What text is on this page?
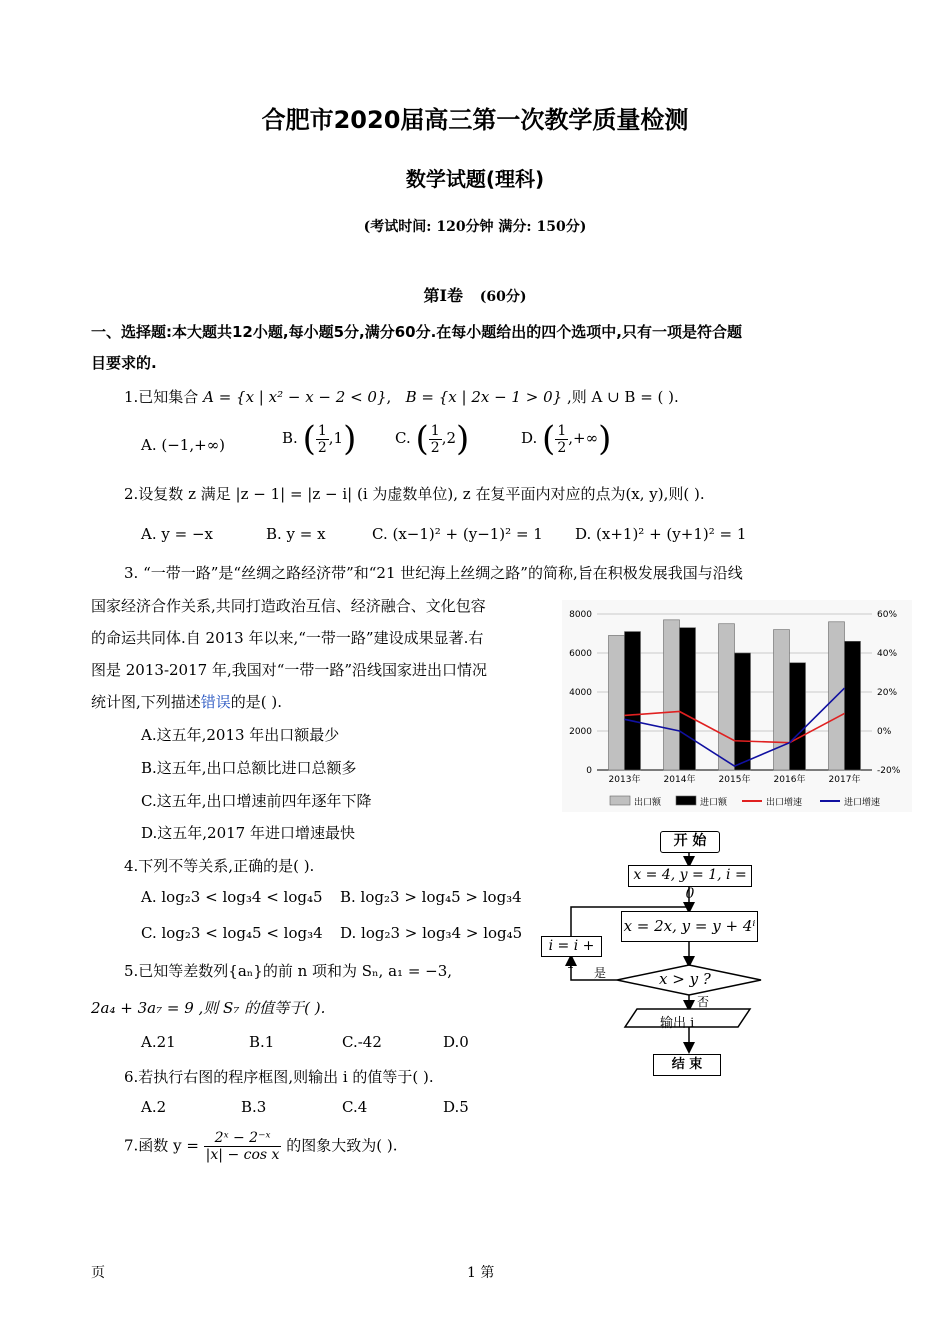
合肥市2020届高三第一次教学质量检测
数学试题(理科)
(考试时间: 120分钟 满分: 150分)
第Ⅰ卷 (60分)
一、选择题:本大题共12小题,每小题5分,满分60分.在每小题给出的四个选项中,只有一项是符合题
目要求的.
1.已知集合 A = {x | x² − x − 2 < 0}, B = {x | 2x − 1 > 0} ,则 A ∪ B = ( ).
A. (−1,+∞)	B. ( $\frac{1}{2} ,1$)	C. ( $\frac{1}{2} ,2$)	D. ( $\frac{1}{2}$ ,+∞)
2.设复数 z 满足 |z − 1| = |z − i| (i 为虚数单位), z 在复平面内对应的点为(x, y),则( ).
A. y = −x	B. y = x	C. (x−1)² + (y−1)² = 1 D. (x+1)² + (y+1)² = 1
3. “一带一路”是“丝绸之路经济带”和“21 世纪海上丝绸之路”的简称,旨在积极发展我国与沿线
国家经济合作关系,共同打造政治互信、经济融合、文化包容
的命运共同体.自 2013 年以来,“一带一路”建设成果显著.右
图是 2013-2017 年,我国对“一带一路”沿线国家进出口情况
统计图,下列描述错误的是( ).
A.这五年,2013 年出口额最少
B.这五年,出口总额比进口总额多
C.这五年,出口增速前四年逐年下降
D.这五年,2017 年进口增速最快
0
2000
4000
6000
8000
-20%
0%
20%
40%
60%
2013年	2014年	2015年	2016年	2017年
出口额	进口额	出口增速	进口增速
4.下列不等关系,正确的是( ).
A. log₂3 < log₃4 < log₄5 B. log₂3 > log₄5 > log₃4
C. log₂3 < log₄5 < log₃4 D. log₂3 > log₃4 > log₄5
5.已知等差数列{aₙ}的前 n 项和为 Sₙ, a₁ = −3,
2a₄ + 3a₇ = 9 ,则 S₇ 的值等于( ).
A.21	B.1	C.-42	D.0
6.若执行右图的程序框图,则输出 i 的值等于( ).
A.2	B.3	C.4	D.5
7.函数 $y = \frac{\text{2ˣ − 2⁻ˣ}}{\text{|x| − cos x}}$ 的图象大致为( ).
开 始
x = 4, y = 1, i = 0
x = 2x, y = y + 4ⁱ
i = i + 1
x > y ?
是
否
输出 i
结 束
页	1 第
